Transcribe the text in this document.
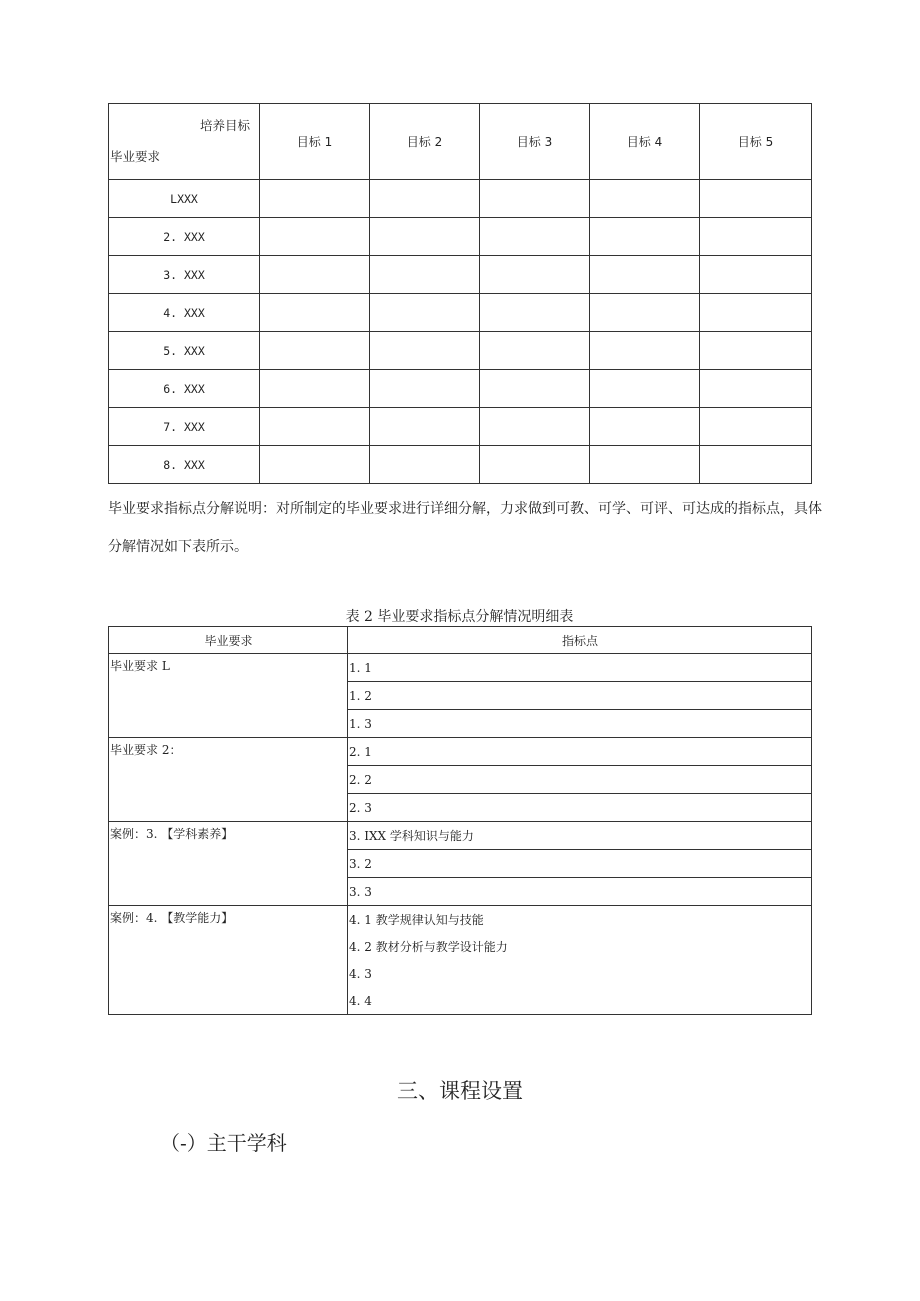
培养目标
毕业要求	目标 1	目标 2	目标 3	目标 4	目标 5
LXXX					
2. XXX					
3. XXX					
4. XXX					
5. XXX					
6. XXX					
7. XXX					
8. XXX					
毕业要求指标点分解说明：对所制定的毕业要求进行详细分解，力求做到可教、可学、可评、可达成的指标点，具体
分解情况如下表所示。
表 2 毕业要求指标点分解情况明细表
毕业要求	指标点
毕业要求 L	1. 1
	1. 2
	1. 3
毕业要求 2：	2. 1
	2. 2
	2. 3
案例：3. 【学科素养】	3. IXX 学科知识与能力
	3. 2
	3. 3
案例：4. 【教学能力】	4. 1 教学规律认知与技能
	4. 2 教材分析与教学设计能力
	4. 3
	4. 4
三、课程设置
（-）主干学科
